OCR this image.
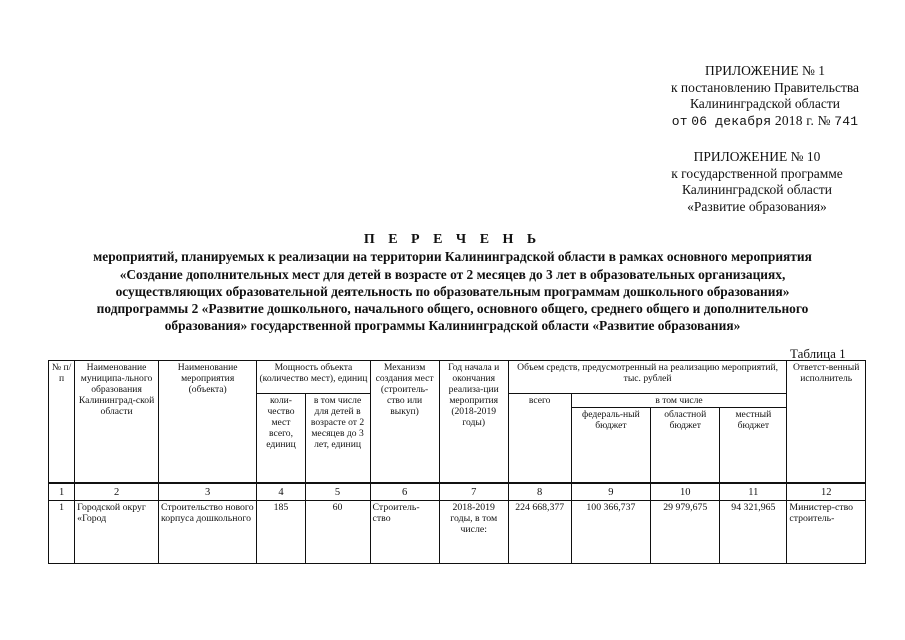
ПРИЛОЖЕНИЕ № 1
к постановлению Правительства
Калининградской области
от 06 декабря 2018 г. № 741
ПРИЛОЖЕНИЕ № 10
к государственной программе
Калининградской области
«Развитие образования»
П Е Р Е Ч Е Н Ь
мероприятий, планируемых к реализации на территории Калининградской области в рамках основного мероприятия
«Создание дополнительных мест для детей в возрасте от 2 месяцев до 3 лет в образовательных организациях,
осуществляющих образовательной деятельность по образовательным программам дошкольного образования»
подпрограммы 2 «Развитие дошкольного, начального общего, основного общего, среднего общего и дополнительного
образования» государственной программы Калининградской области «Развитие образования»
Таблица 1
№ п/п	Наименование муниципа-льного образования Калининград-ской области	Наименование мероприятия (объекта)	Мощность объекта (количество мест), единиц		Механизм создания мест (строитель-ство или выкуп)	Год начала и окончания реализа-ции меропрития (2018-2019 годы)	Объем средств, предусмотренный на реализацию мероприятий, тыс. рублей				Ответст-венный исполнитель
			коли-чество мест всего, единиц	в том числе для детей в возрасте от 2 месяцев до 3 лет, единиц			всего	в том числе			
								федераль-ный бюджет	областной бюджет	местный бюджет	
1	2	3	4	5	6	7	8	9	10	11	12
1	Городской округ «Город	Строительство нового корпуса дошкольного	185	60	Строитель-ство	2018-2019 годы, в том числе:	224 668,377	100 366,737	29 979,675	94 321,965	Министер-ство строитель-
